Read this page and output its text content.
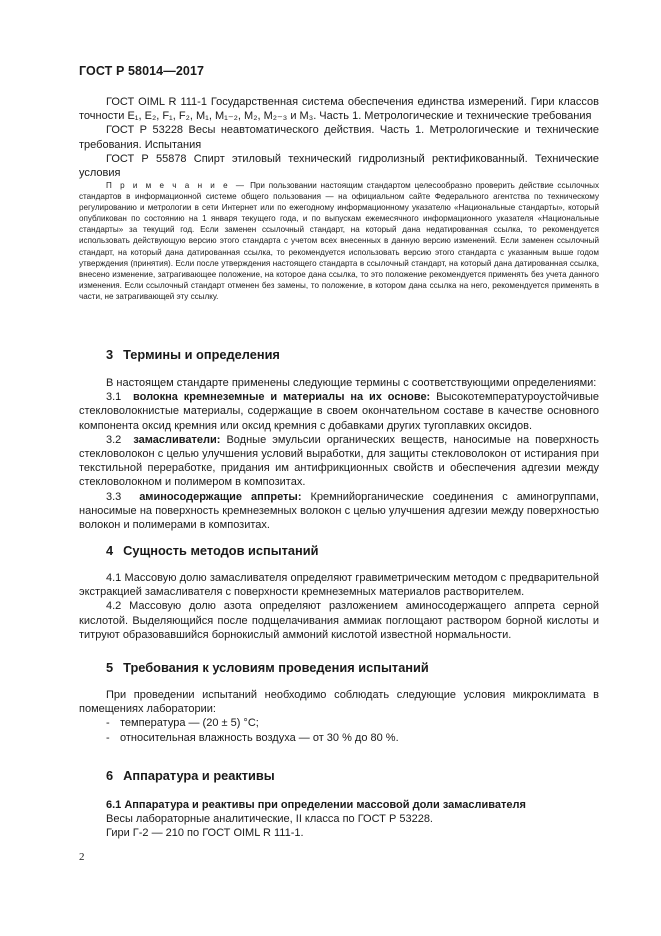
ГОСТ Р 58014—2017

ГОСТ OIML R 111-1 Государственная система обеспечения единства измерений. Гири классов точности E₁, E₂, F₁, F₂, M₁, M₁₋₂, M₂, M₂₋₃ и M₃. Часть 1. Метрологические и технические требования

ГОСТ Р 53228 Весы неавтоматического действия. Часть 1. Метрологические и технические требования. Испытания

ГОСТ Р 55878 Спирт этиловый технический гидролизный ректификованный. Технические условия

П р и м е ч а н и е — При пользовании настоящим стандартом целесообразно проверить действие ссылочных стандартов в информационной системе общего пользования — на официальном сайте Федерального агентства по техническому регулированию и метрологии в сети Интернет или по ежегодному информационному указателю «Национальные стандарты», который опубликован по состоянию на 1 января текущего года, и по выпускам ежемесячного информационного указателя «Национальные стандарты» за текущий год. Если заменен ссылочный стандарт, на который дана недатированная ссылка, то рекомендуется использовать действующую версию этого стандарта с учетом всех внесенных в данную версию изменений. Если заменен ссылочный стандарт, на который дана датированная ссылка, то рекомендуется использовать версию этого стандарта с указанным выше годом утверждения (принятия). Если после утверждения настоящего стандарта в ссылочный стандарт, на который дана датированная ссылка, внесено изменение, затрагивающее положение, на которое дана ссылка, то это положение рекомендуется применять без учета данного изменения. Если ссылочный стандарт отменен без замены, то положение, в котором дана ссылка на него, рекомендуется применять в части, не затрагивающей эту ссылку.
3 Термины и определения

В настоящем стандарте применены следующие термины с соответствующими определениями:

3.1 волокна кремнеземные и материалы на их основе: Высокотемпературоустойчивые стекловолокнистые материалы, содержащие в своем окончательном составе в качестве основного компонента оксид кремния или оксид кремния с добавками других тугоплавких оксидов.

3.2 замасливатели: Водные эмульсии органических веществ, наносимые на поверхность стекловолокон с целью улучшения условий выработки, для защиты стекловолокон от истирания при текстильной переработке, придания им антифрикционных свойств и обеспечения адгезии между стекловолокном и полимером в композитах.

3.3 аминосодержащие аппреты: Кремнийорганические соединения с аминогруппами, наносимые на поверхность кремнеземных волокон с целью улучшения адгезии между поверхностью волокон и полимерами в композитах.

4 Сущность методов испытаний

4.1 Массовую долю замасливателя определяют гравиметрическим методом с предварительной экстракцией замасливателя с поверхности кремнеземных материалов растворителем.

4.2 Массовую долю азота определяют разложением аминосодержащего аппрета серной кислотой. Выделяющийся после подщелачивания аммиак поглощают раствором борной кислоты и титруют образовавшийся борнокислый аммоний кислотой известной нормальности.

5 Требования к условиям проведения испытаний

При проведении испытаний необходимо соблюдать следующие условия микроклимата в помещениях лаборатории:

- температура — (20 ± 5) °C;

- относительная влажность воздуха — от 30 % до 80 %.

6 Аппаратура и реактивы

6.1 Аппаратура и реактивы при определении массовой доли замасливателя

Весы лабораторные аналитические, II класса по ГОСТ Р 53228.

Гири Г-2 — 210 по ГОСТ OIML R 111-1.

2
